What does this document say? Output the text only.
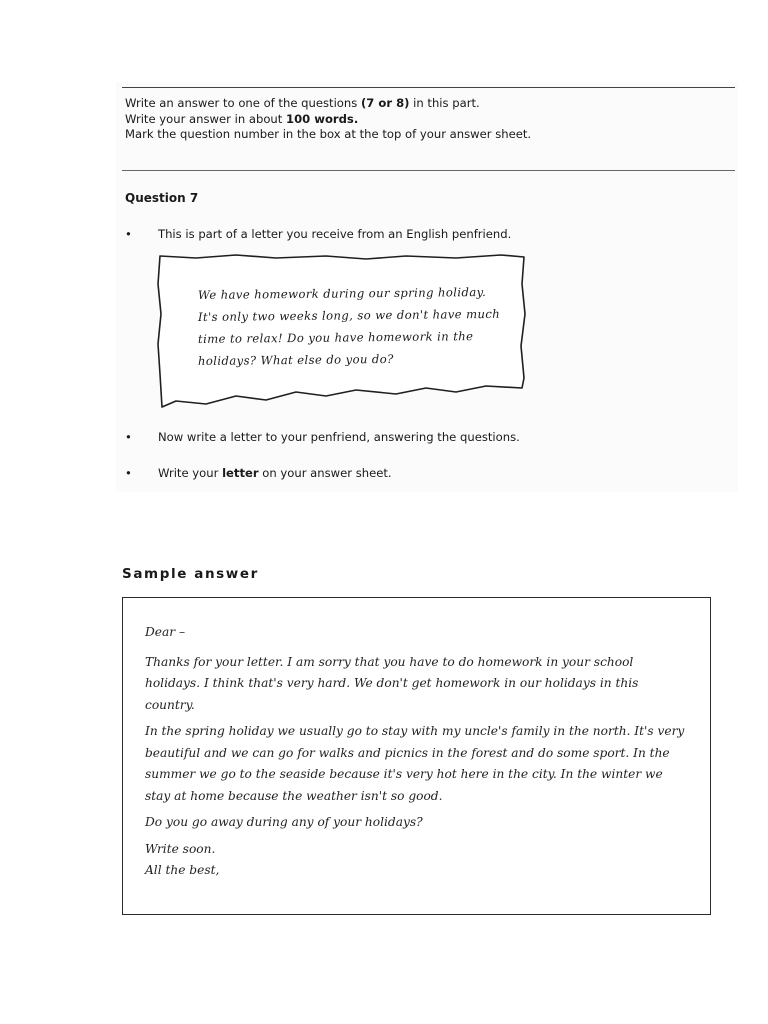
Write an answer to one of the questions (7 or 8) in this part.
Write your answer in about 100 words.
Mark the question number in the box at the top of your answer sheet.
Question 7
• This is part of a letter you receive from an English penfriend.
We have homework during our spring holiday.
It's only two weeks long, so we don't have much
time to relax! Do you have homework in the
holidays? What else do you do?
• Now write a letter to your penfriend, answering the questions.
• Write your letter on your answer sheet.
Sample answer

Dear –

Thanks for your letter. I am sorry that you have to do homework in your school

holidays. I think that's very hard. We don't get homework in our holidays in this

country.

In the spring holiday we usually go to stay with my uncle's family in the north. It's very

beautiful and we can go for walks and picnics in the forest and do some sport. In the

summer we go to the seaside because it's very hot here in the city. In the winter we

stay at home because the weather isn't so good.

Do you go away during any of your holidays?

Write soon.

All the best,
